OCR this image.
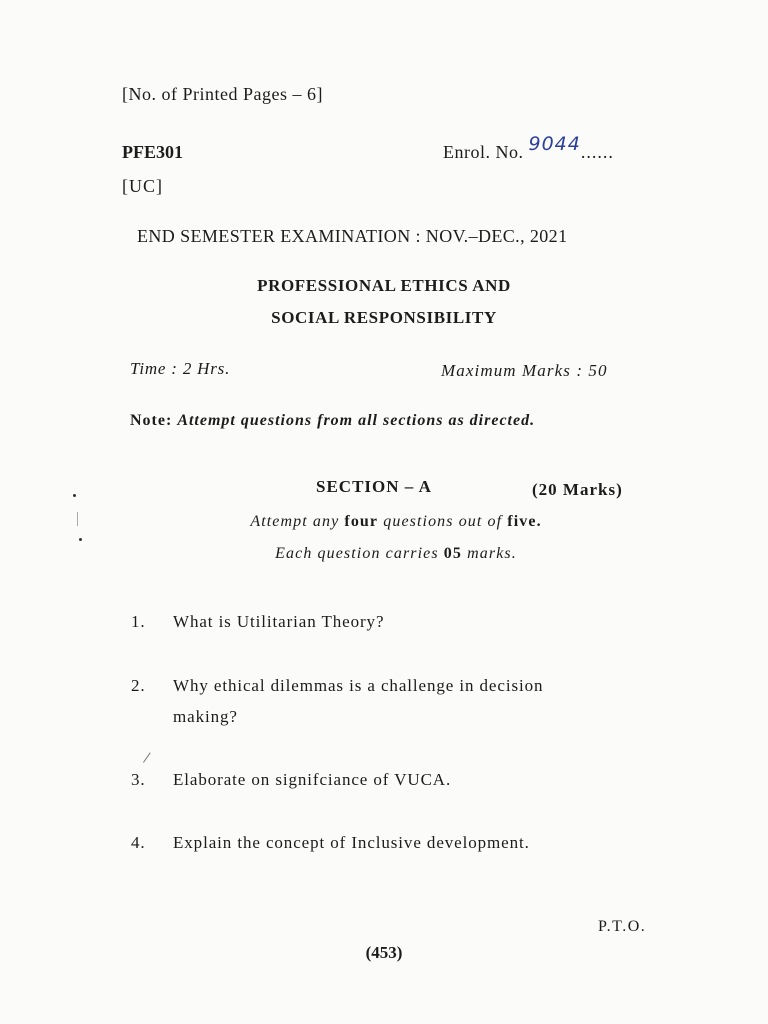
[No. of Printed Pages – 6]
PFE301
[UC]
Enrol. No. 9044......
END SEMESTER EXAMINATION : NOV.–DEC., 2021
PROFESSIONAL ETHICS AND
SOCIAL RESPONSIBILITY
Time : 2 Hrs.	Maximum Marks : 50
Note: Attempt questions from all sections as directed.
SECTION – A	(20 Marks)
Attempt any four questions out of five.
Each question carries 05 marks.
1. What is Utilitarian Theory?
2. Why ethical dilemmas is a challenge in decision
making?
3. Elaborate on signifciance of VUCA.
4. Explain the concept of Inclusive development.
P.T.O.
(453)
